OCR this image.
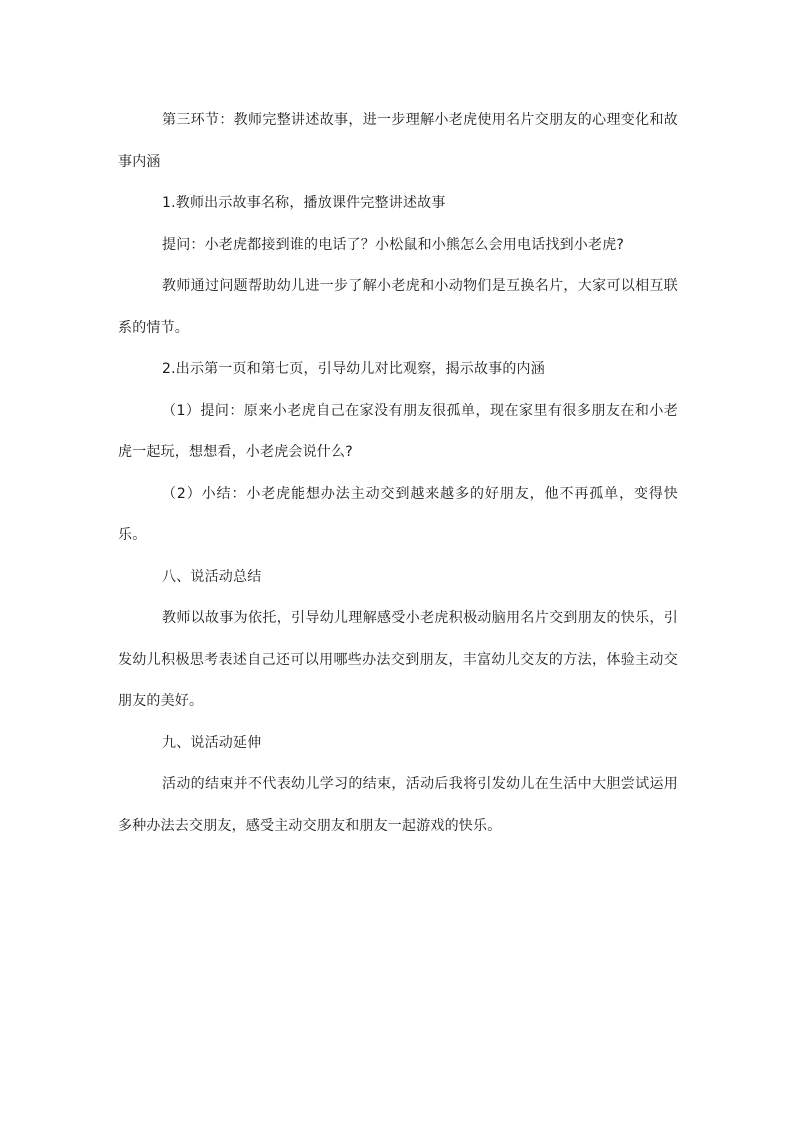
第三环节：教师完整讲述故事，进一步理解小老虎使用名片交朋友的心理变化和故事内涵

1.教师出示故事名称，播放课件完整讲述故事

提问：小老虎都接到谁的电话了？小松鼠和小熊怎么会用电话找到小老虎?

教师通过问题帮助幼儿进一步了解小老虎和小动物们是互换名片，大家可以相互联系的情节。

2.出示第一页和第七页，引导幼儿对比观察，揭示故事的内涵

（1）提问：原来小老虎自己在家没有朋友很孤单，现在家里有很多朋友在和小老虎一起玩，想想看，小老虎会说什么?

（2）小结：小老虎能想办法主动交到越来越多的好朋友，他不再孤单，变得快乐。

八、说活动总结

教师以故事为依托，引导幼儿理解感受小老虎积极动脑用名片交到朋友的快乐，引发幼儿积极思考表述自己还可以用哪些办法交到朋友，丰富幼儿交友的方法，体验主动交朋友的美好。

九、说活动延伸

活动的结束并不代表幼儿学习的结束，活动后我将引发幼儿在生活中大胆尝试运用多种办法去交朋友，感受主动交朋友和朋友一起游戏的快乐。
